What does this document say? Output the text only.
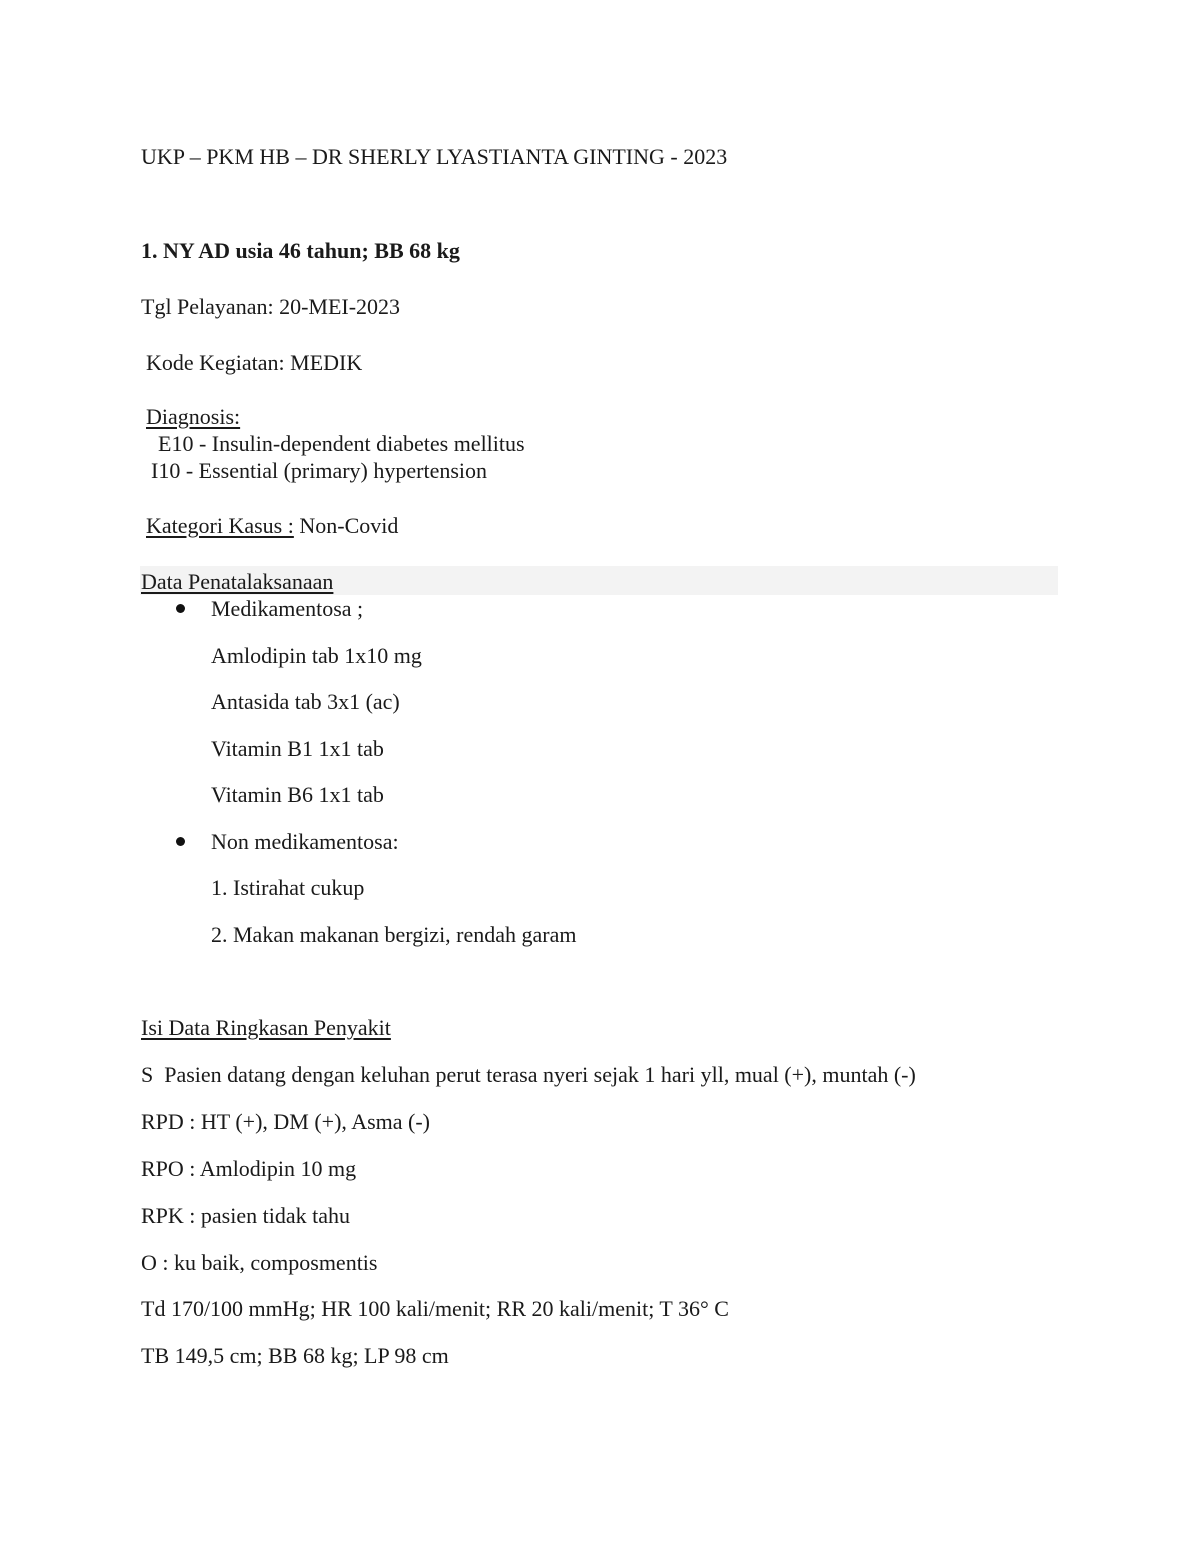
UKP – PKM HB – DR SHERLY LYASTIANTA GINTING - 2023
1. NY AD usia 46 tahun; BB 68 kg
Tgl Pelayanan: 20-MEI-2023
Kode Kegiatan: MEDIK
Diagnosis:
E10 - Insulin-dependent diabetes mellitus
I10 - Essential (primary) hypertension
Kategori Kasus : Non-Covid
Data Penatalaksanaan
Medikamentosa ;
Amlodipin tab 1x10 mg
Antasida tab 3x1 (ac)
Vitamin B1 1x1 tab
Vitamin B6 1x1 tab
Non medikamentosa:
1. Istirahat cukup
2. Makan makanan bergizi, rendah garam
Isi Data Ringkasan Penyakit
S  Pasien datang dengan keluhan perut terasa nyeri sejak 1 hari yll, mual (+), muntah (-)
RPD : HT (+), DM (+), Asma (-)
RPO : Amlodipin 10 mg
RPK : pasien tidak tahu
O : ku baik, composmentis
Td 170/100 mmHg; HR 100 kali/menit; RR 20 kali/menit; T 36° C
TB 149,5 cm; BB 68 kg; LP 98 cm
